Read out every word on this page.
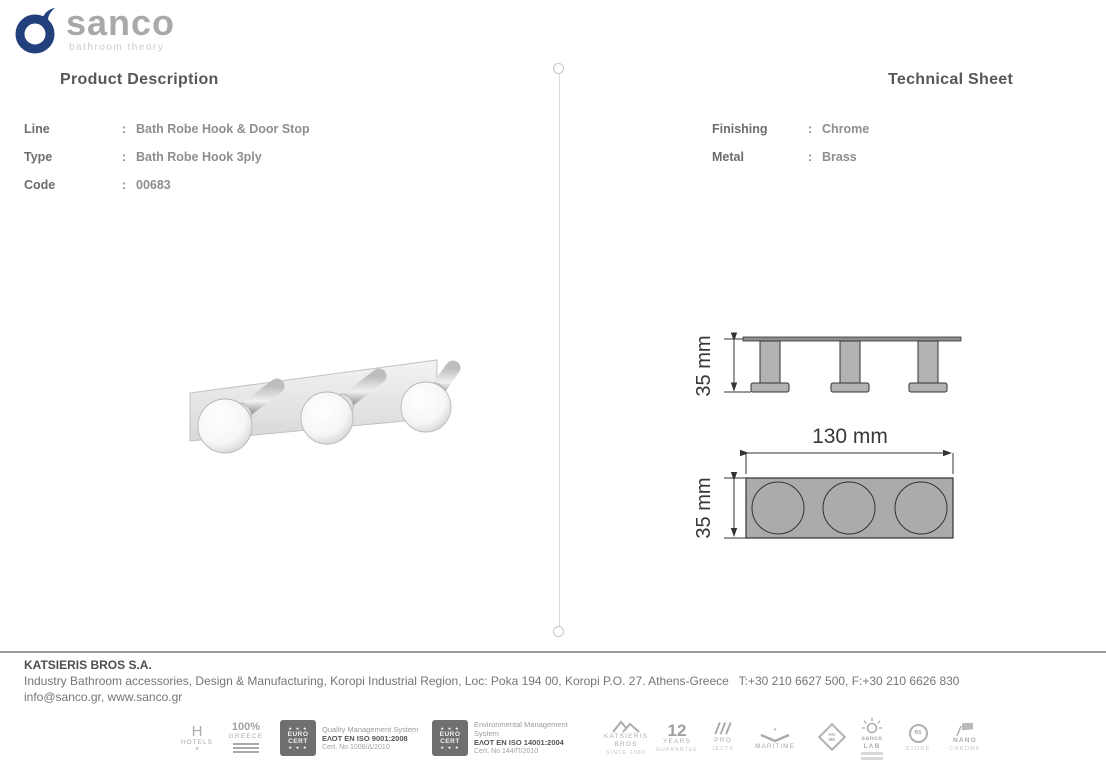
sanco
bathroom theory
Product Description	Technical Sheet
Line	: Bath Robe Hook & Door Stop
Type	: Bath Robe Hook 3ply
Code	: 00683
Finishing	: Chrome
Metal	: Brass
35 mm
130 mm
35 mm
KATSIERIS BROS S.A.
Industry Bathroom accessories, Design & Manufacturing, Koropi Industrial Region, Loc: Poka 194 00, Koropi P.O. 27. Athens-Greece   T:+30 210 6627 500, F:+30 210 6626 830
info@sanco.gr, www.sanco.gr
H
HOTELS
★
100%
GREECE
★ ★ ★
EURO
CERT
★ ★ ★
Quality Management System
ΕΛΟΤ EN ISO 9001:2008
Cert. No 1008/Δ/2010
★ ★ ★
EURO
CERT
★ ★ ★
Environmental Management System
ΕΛΟΤ EN ISO 14001:2004
Cert. No 144/Π/2010
KATSIERIS
BROS
SINCE 1980
12
YEARS
GUARANTEE
///
PRO
JECTS
★
MARITIME
HO
ME	sanco
LAB
BS
STORE
NANO
CHROME
